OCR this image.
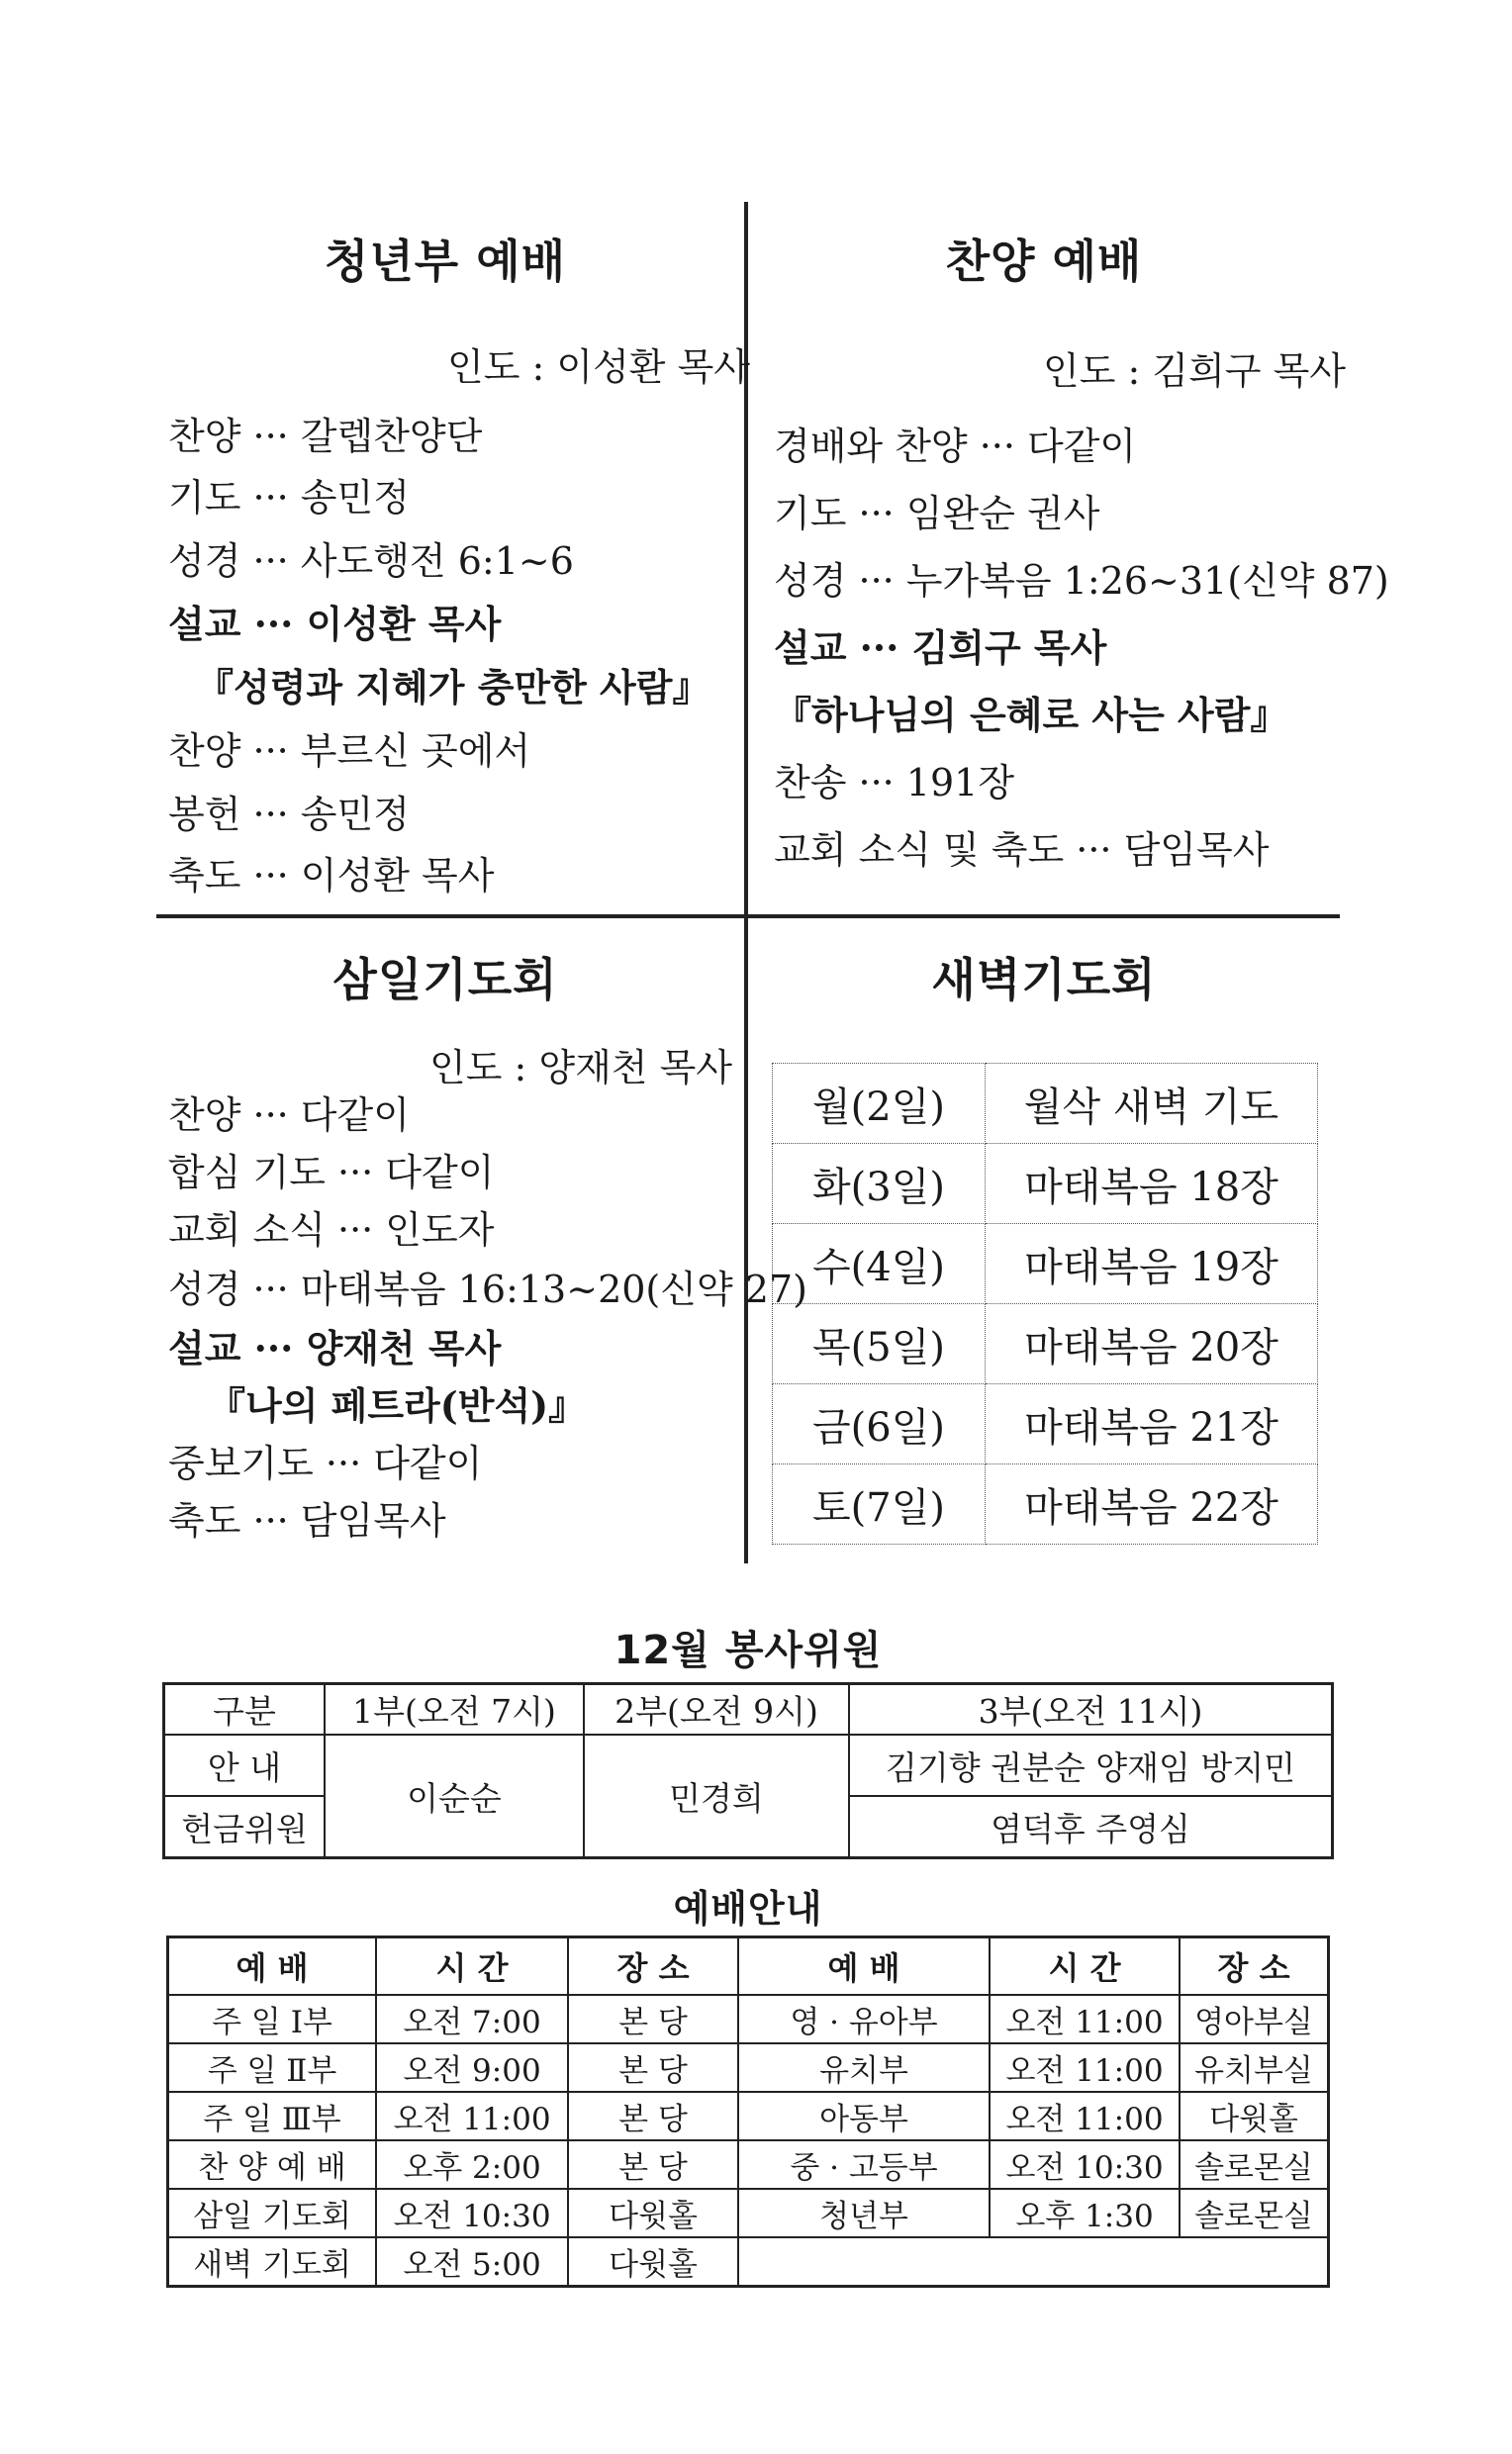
청년부 예배
인도 : 이성환 목사
찬양 ··· 갈렙찬양단
기도 ··· 송민정
성경 ··· 사도행전 6:1~6
설교 ··· 이성환 목사
『성령과 지혜가 충만한 사람』
찬양 ··· 부르신 곳에서
봉헌 ··· 송민정
축도 ··· 이성환 목사
찬양 예배
인도 : 김희구 목사
경배와 찬양 ··· 다같이
기도 ··· 임완순 권사
성경 ··· 누가복음 1:26~31(신약 87)
설교 ··· 김희구 목사
『하나님의 은혜로 사는 사람』
찬송 ··· 191장
교회 소식 및 축도 ··· 담임목사
삼일기도회
인도 : 양재천 목사
찬양 ··· 다같이
합심 기도 ··· 다같이
교회 소식 ··· 인도자
성경 ··· 마태복음 16:13~20(신약 27)
설교 ··· 양재천 목사
『나의 페트라(반석)』
중보기도 ··· 다같이
축도 ··· 담임목사
새벽기도회
월(2일)	월삭 새벽 기도
화(3일)	마태복음 18장
수(4일)	마태복음 19장
목(5일)	마태복음 20장
금(6일)	마태복음 21장
토(7일)	마태복음 22장
12월 봉사위원
구분	1부(오전 7시)	2부(오전 9시)	3부(오전 11시)
안 내	이순순	민경희	김기향 권분순 양재임 방지민
헌금위원			염덕후 주영심
예배안내
예 배	시 간	장 소	예 배	시 간	장 소
주 일 Ⅰ부	오전 7:00	본 당	영 · 유아부	오전 11:00	영아부실
주 일 Ⅱ부	오전 9:00	본 당	유치부	오전 11:00	유치부실
주 일 Ⅲ부	오전 11:00	본 당	아동부	오전 11:00	다윗홀
찬 양 예 배	오후 2:00	본 당	중 · 고등부	오전 10:30	솔로몬실
삼일 기도회	오전 10:30	다윗홀	청년부	오후 1:30	솔로몬실
새벽 기도회	오전 5:00	다윗홀			
